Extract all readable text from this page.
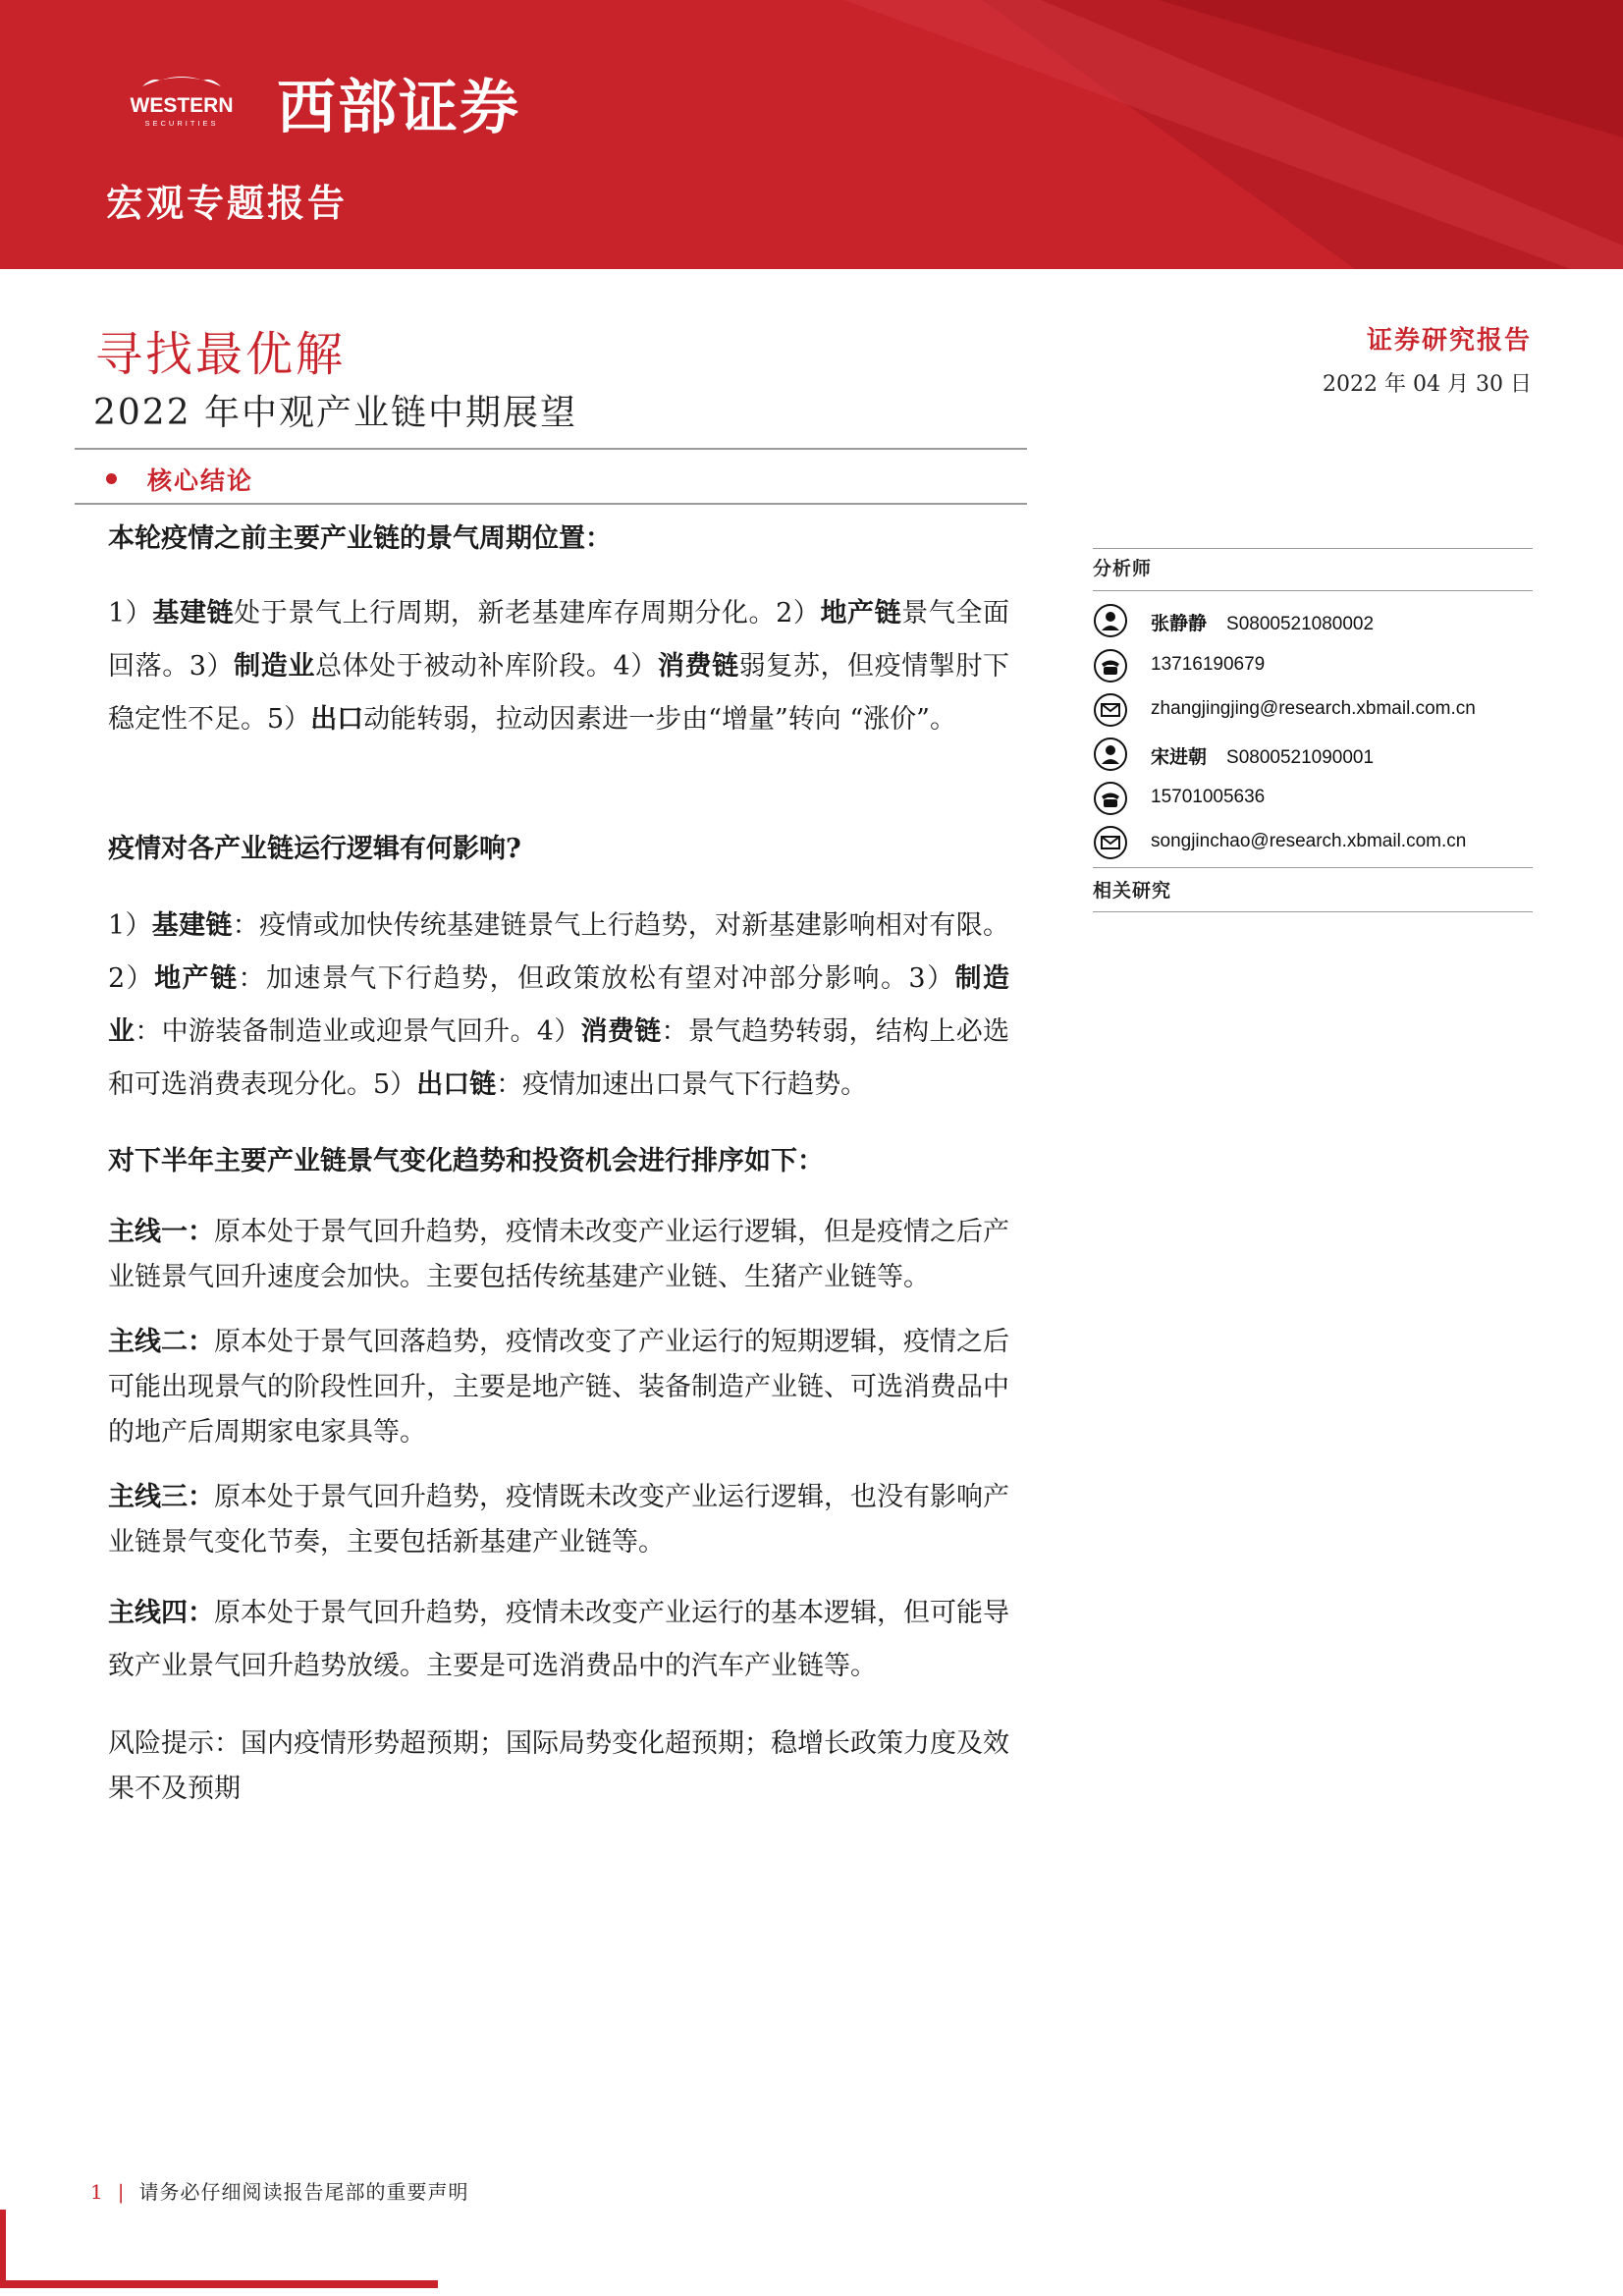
WESTERN
SECURITIES 西部证券
宏观专题报告
寻找最优解
2022 年中观产业链中期展望
证券研究报告
2022 年 04 月 30 日
核心结论
本轮疫情之前主要产业链的景气周期位置：

1）基建链处于景气上行周期，新老基建库存周期分化。2）地产链景气全面回落。3）制造业总体处于被动补库阶段。4）消费链弱复苏，但疫情掣肘下稳定性不足。5）出口动能转弱，拉动因素进一步由“增量”转向 “涨价”。

疫情对各产业链运行逻辑有何影响?

1）基建链：疫情或加快传统基建链景气上行趋势，对新基建影响相对有限。2）地产链：加速景气下行趋势，但政策放松有望对冲部分影响。3）制造业：中游装备制造业或迎景气回升。4）消费链：景气趋势转弱，结构上必选和可选消费表现分化。5）出口链：疫情加速出口景气下行趋势。

对下半年主要产业链景气变化趋势和投资机会进行排序如下：

主线一：原本处于景气回升趋势，疫情未改变产业运行逻辑，但是疫情之后产业链景气回升速度会加快。主要包括传统基建产业链、生猪产业链等。

主线二：原本处于景气回落趋势，疫情改变了产业运行的短期逻辑，疫情之后可能出现景气的阶段性回升，主要是地产链、装备制造产业链、可选消费品中的地产后周期家电家具等。

主线三：原本处于景气回升趋势，疫情既未改变产业运行逻辑，也没有影响产业链景气变化节奏，主要包括新基建产业链等。

主线四：原本处于景气回升趋势，疫情未改变产业运行的基本逻辑，但可能导致产业景气回升趋势放缓。主要是可选消费品中的汽车产业链等。

风险提示：国内疫情形势超预期；国际局势变化超预期；稳增长政策力度及效果不及预期
分析师
张静静 S0800521080002
13716190679
zhangjingjing@research.xbmail.com.cn
宋进朝 S0800521090001
15701005636
songjinchao@research.xbmail.com.cn
相关研究
1 | 请务必仔细阅读报告尾部的重要声明
